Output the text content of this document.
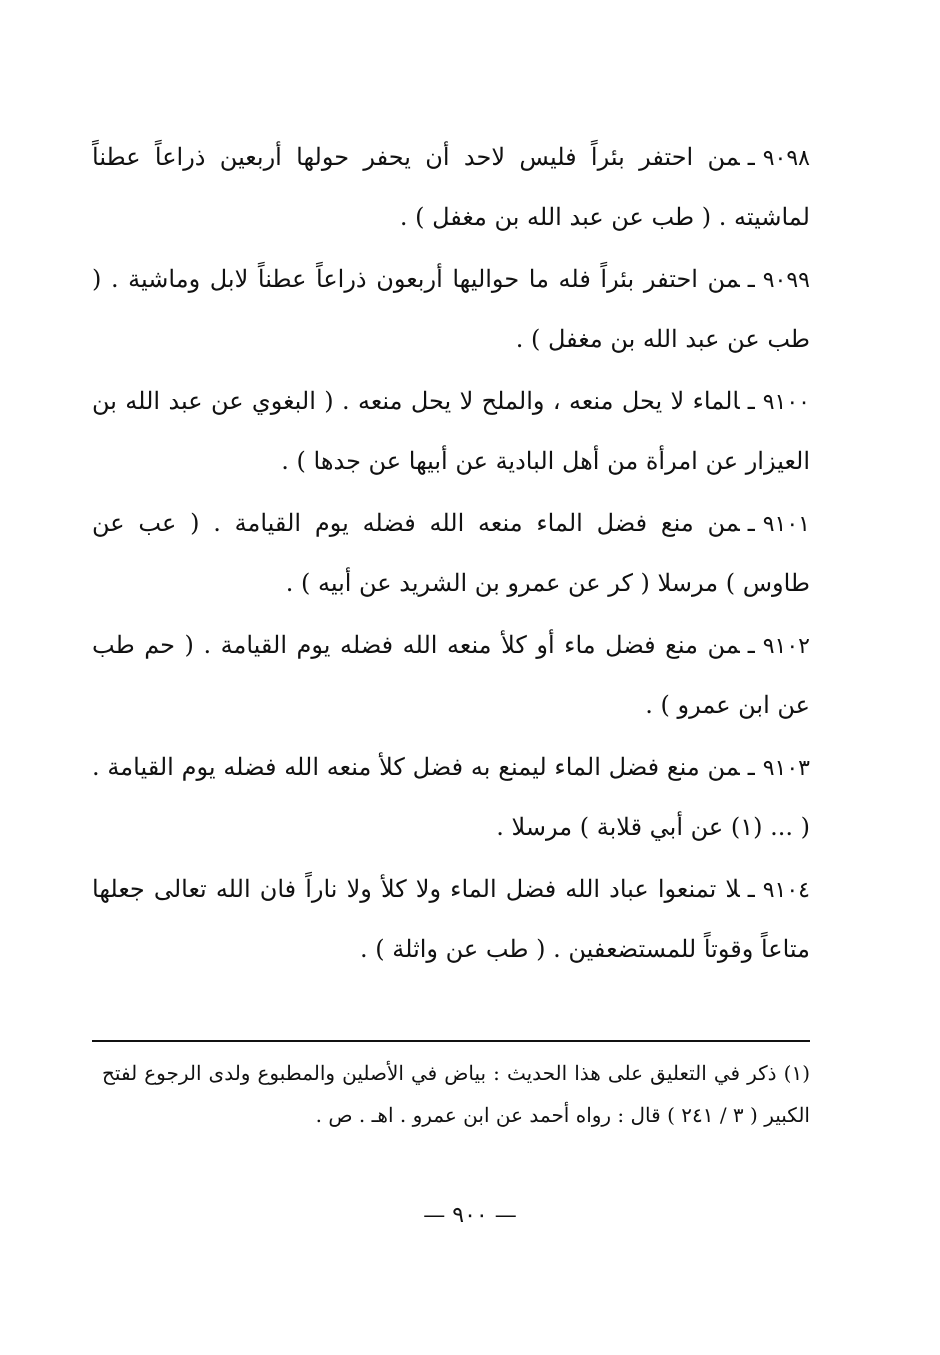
٩٠٩٨ـمن احتفر بئراً فليس لاحد أن يحفر حولها أربعين ذراعاً عطناً لماشيته . ( طب عن عبد الله بن مغفل ) .

٩٠٩٩ـمن احتفر بئراً فله ما حواليها أربعون ذراعاً عطناً لابل وماشية . ( طب عن عبد الله بن مغفل ) .

٩١٠٠ـالماء لا يحل منعه ، والملح لا يحل منعه . ( البغوي عن عبد الله بن العيزار عن امرأة من أهل البادية عن أبيها عن جدها ) .

٩١٠١ـمن منع فضل الماء منعه الله فضله يوم القيامة . ( عب عن طاوس ) مرسلا ( كر عن عمرو بن الشريد عن أبيه ) .

٩١٠٢ـمن منع فضل ماء أو كلأ منعه الله فضله يوم القيامة . ( حم طب عن ابن عمرو ) .

٩١٠٣ـمن منع فضل الماء ليمنع به فضل كلأ منعه الله فضله يوم القيامة . ( ... (١) عن أبي قلابة ) مرسلا .

٩١٠٤ـلا تمنعوا عباد الله فضل الماء ولا كلأ ولا ناراً فان الله تعالى جعلها متاعاً وقوتاً للمستضعفين . ( طب عن واثلة ) .

(١) ذكر في التعليق على هذا الحديث : بياض في الأصلين والمطبوع ولدى الرجوع لفتح الكبير ( ٣ / ٢٤١ ) قال : رواه أحمد عن ابن عمرو . اهـ . ص .

— ٩٠٠ —
